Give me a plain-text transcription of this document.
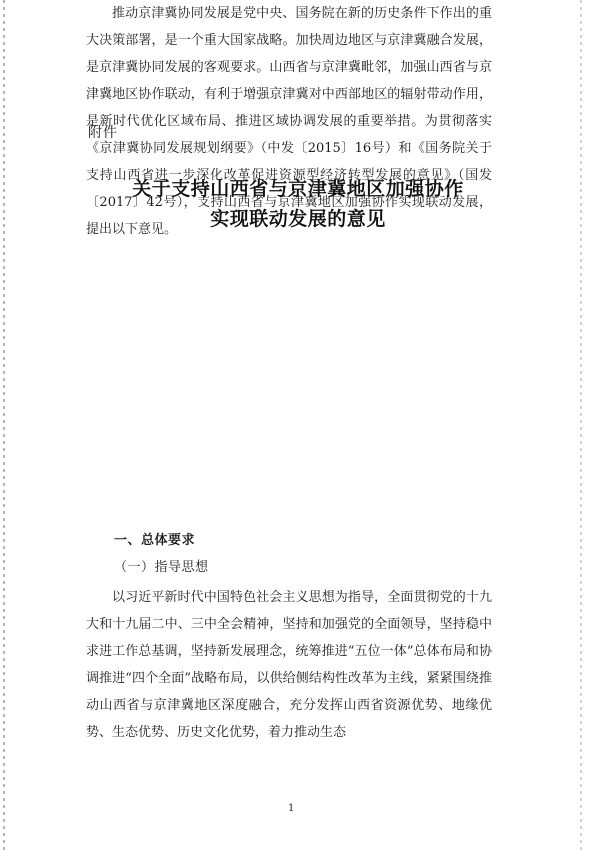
附件
关于支持山西省与京津冀地区加强协作
实现联动发展的意见

推动京津冀协同发展是党中央、国务院在新的历史条件下作出的重大决策部署，是一个重大国家战略。加快周边地区与京津冀融合发展，是京津冀协同发展的客观要求。山西省与京津冀毗邻，加强山西省与京津冀地区协作联动，有利于增强京津冀对中西部地区的辐射带动作用，是新时代优化区域布局、推进区域协调发展的重要举措。为贯彻落实《京津冀协同发展规划纲要》（中发〔2015〕16号）和《国务院关于支持山西省进一步深化改革促进资源型经济转型发展的意见》（国发〔2017〕42号），支持山西省与京津冀地区加强协作实现联动发展，提出以下意见。

一、总体要求
（一）指导思想

以习近平新时代中国特色社会主义思想为指导，全面贯彻党的十九大和十九届二中、三中全会精神，坚持和加强党的全面领导，坚持稳中求进工作总基调，坚持新发展理念，统筹推进“五位一体”总体布局和协调推进“四个全面”战略布局，以供给侧结构性改革为主线，紧紧围绕推动山西省与京津冀地区深度融合，充分发挥山西省资源优势、地缘优势、生态优势、历史文化优势，着力推动生态

1
